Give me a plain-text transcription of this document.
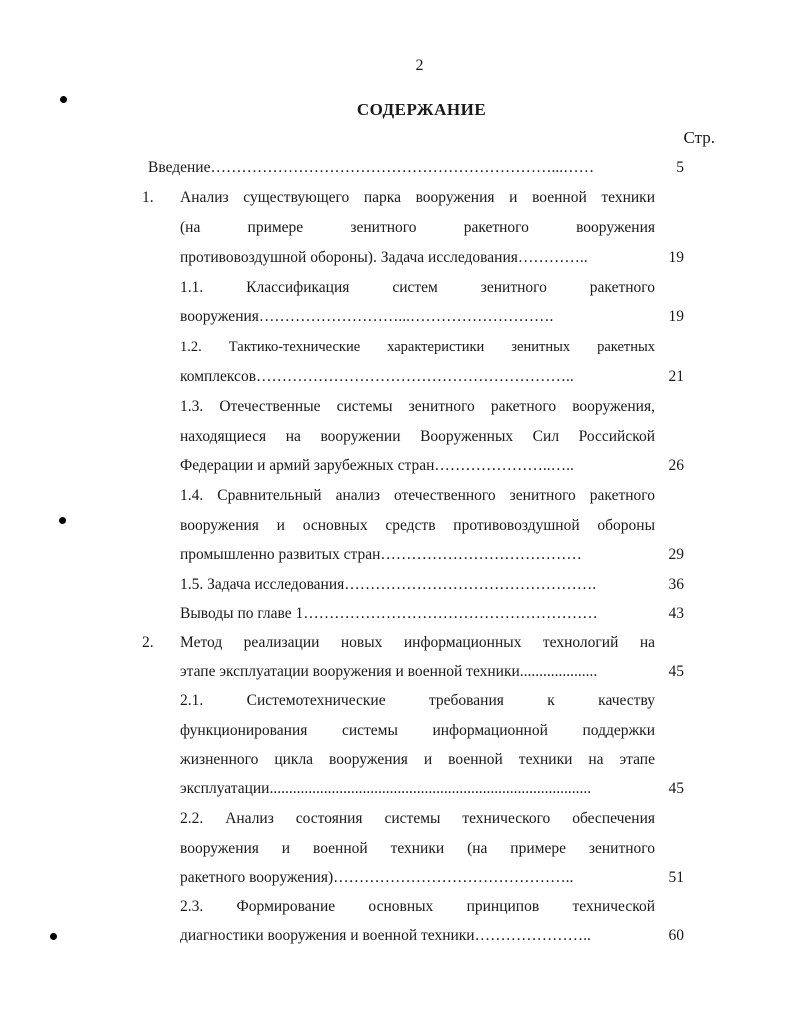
2
СОДЕРЖАНИЕ
Стр.
Введение…………………………………………………………...……	5
1. Анализ существующего парка вооружения и военной техники
(на примере зенитного ракетного вооружения
противовоздушной обороны). Задача исследования…………..	19
1.1. Классификация систем зенитного ракетного
вооружения………………………...……………………….	19
1.2. Тактико-технические характеристики зенитных ракетных
комплексов……………………………………………………..	21
1.3. Отечественные системы зенитного ракетного вооружения,
находящиеся на вооружении Вооруженных Сил Российской
Федерации и армий зарубежных стран…………………..…..	26
1.4. Сравнительный анализ отечественного зенитного ракетного
вооружения и основных средств противовоздушной обороны
промышленно развитых стран…………………………………	29
1.5. Задача исследования………………………………………….	36
Выводы по главе 1…………………………………………………	43
2. Метод реализации новых информационных технологий на
этапе эксплуатации вооружения и военной техники....................	45
2.1. Системотехнические требования к качеству
функционирования системы информационной поддержки
жизненного цикла вооружения и военной техники на этапе
эксплуатации...................................................................................	45
2.2. Анализ состояния системы технического обеспечения
вооружения и военной техники (на примере зенитного
ракетного вооружения)………………………………………..	51
2.3. Формирование основных принципов технической
диагностики вооружения и военной техники…………………..	60
